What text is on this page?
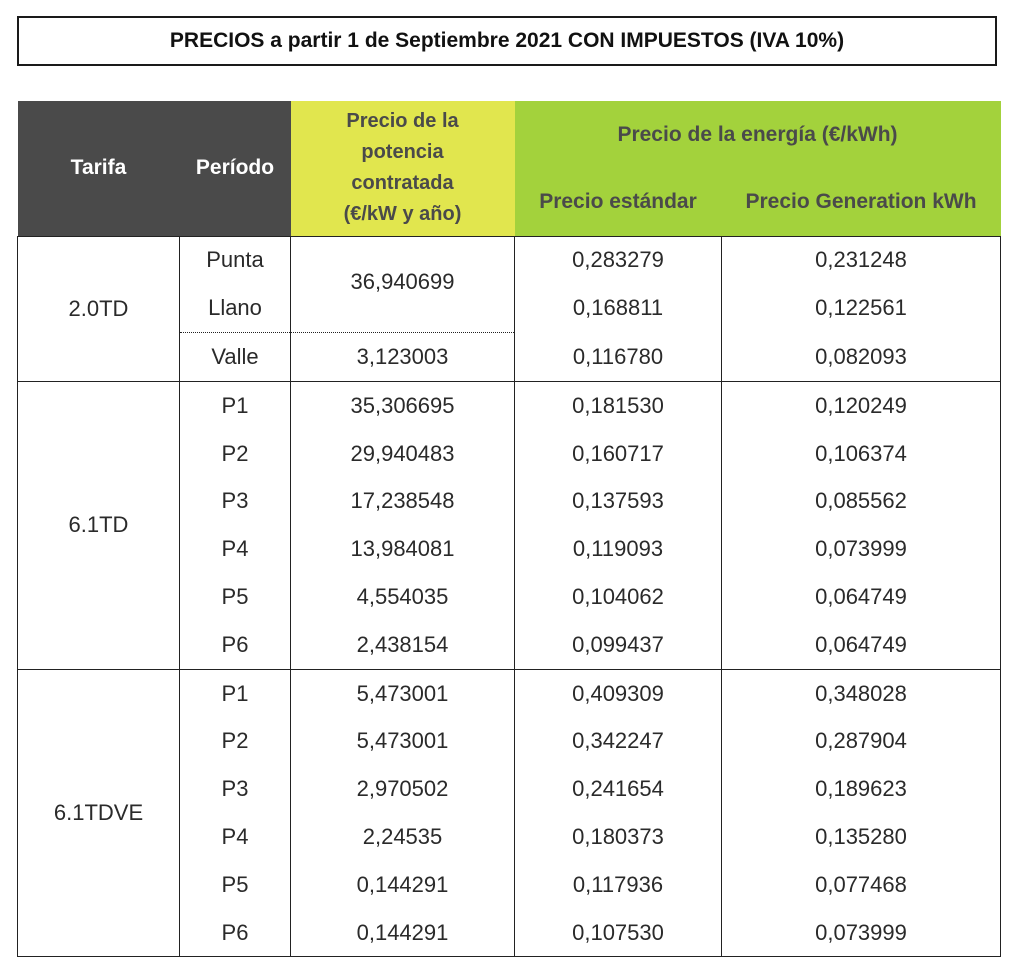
PRECIOS a partir 1 de Septiembre 2021 CON IMPUESTOS (IVA 10%)
Tarifa	Período	Precio de la
potencia
contratada
(€/kW y año)	Precio de la energía (€/kWh)	
			Precio estándar	Precio Generation kWh
2.0TD	Punta	36,940699	0,283279	0,231248
	Llano		0,168811	0,122561
	Valle	3,123003	0,116780	0,082093
6.1TD	P1	35,306695	0,181530	0,120249
	P2	29,940483	0,160717	0,106374
	P3	17,238548	0,137593	0,085562
	P4	13,984081	0,119093	0,073999
	P5	4,554035	0,104062	0,064749
	P6	2,438154	0,099437	0,064749
6.1TDVE	P1	5,473001	0,409309	0,348028
	P2	5,473001	0,342247	0,287904
	P3	2,970502	0,241654	0,189623
	P4	2,24535	0,180373	0,135280
	P5	0,144291	0,117936	0,077468
	P6	0,144291	0,107530	0,073999
